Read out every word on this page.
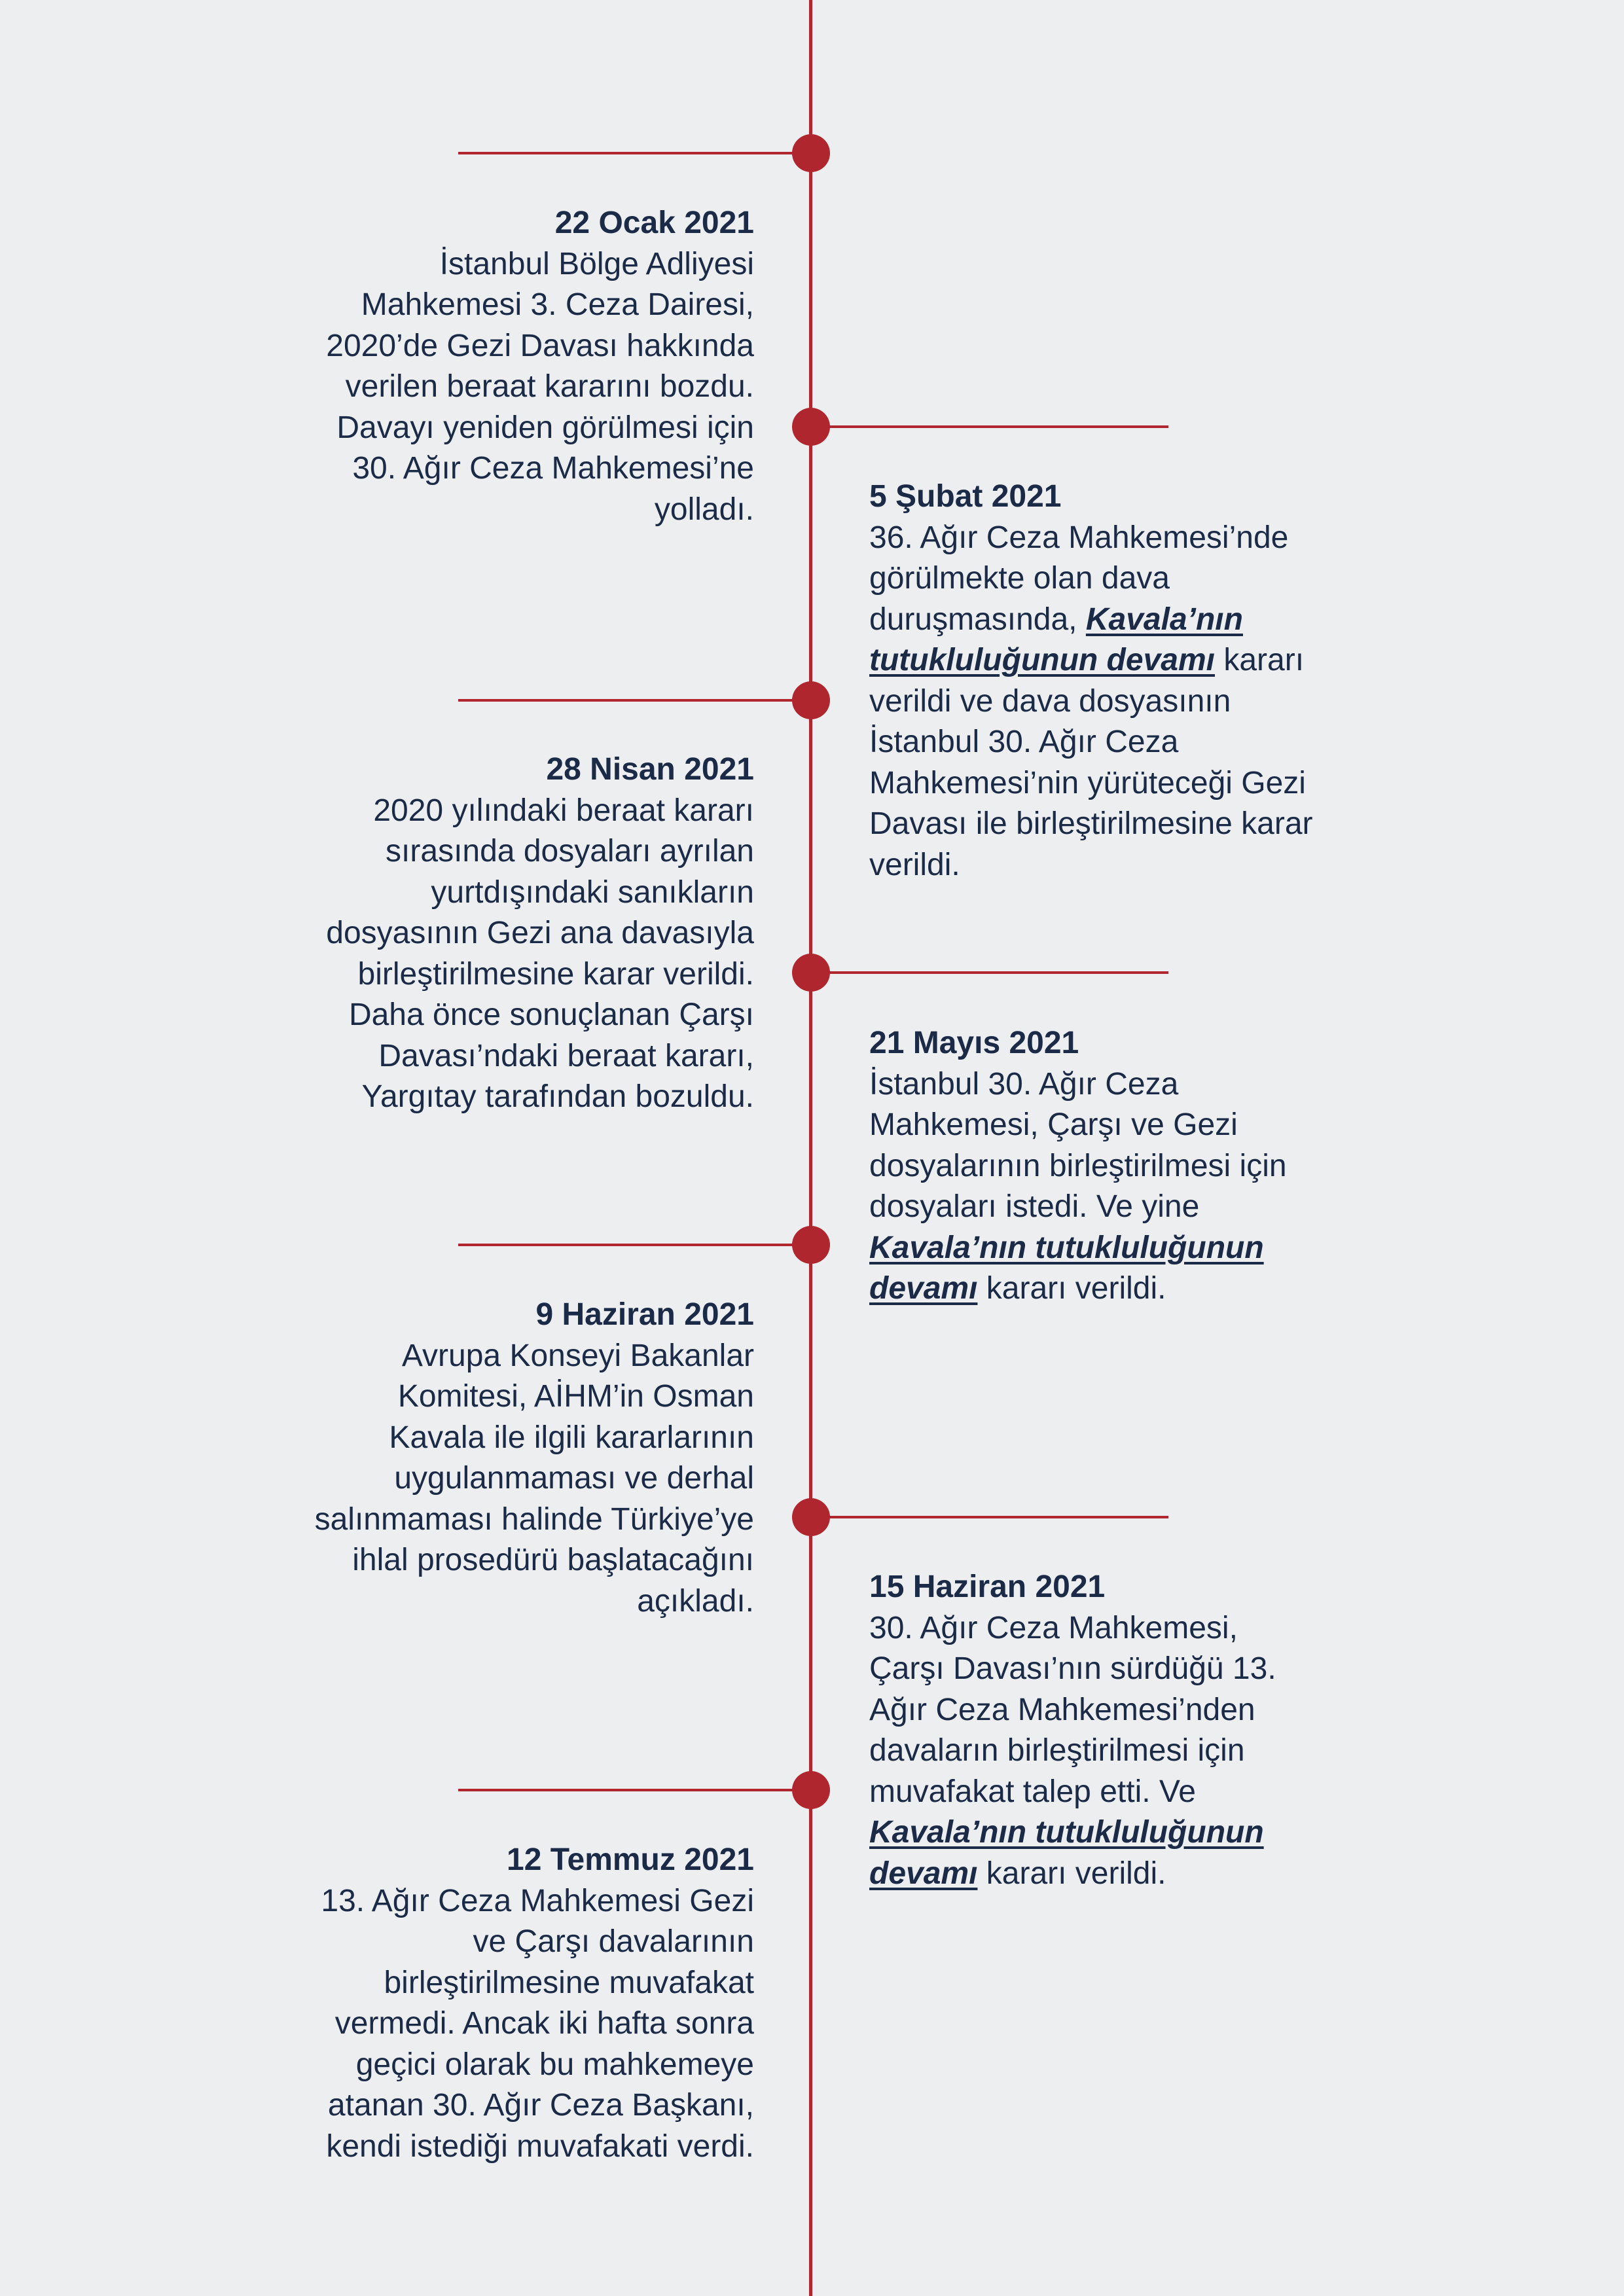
22 Ocak 2021
İstanbul Bölge Adliyesi Mahkemesi 3. Ceza Dairesi, 2020’de Gezi Davası hakkında verilen beraat kararını bozdu. Davayı yeniden görülmesi için 30. Ağır Ceza Mahkemesi’ne yolladı.	5 Şubat 2021
36. Ağır Ceza Mahkemesi’nde görülmekte olan dava duruşmasında, Kavala’nın tutukluluğunun devamı kararı verildi ve dava dosyasının İstanbul 30. Ağır Ceza Mahkemesi’nin yürüteceği Gezi Davası ile birleştirilmesine karar verildi.
28 Nisan 2021
2020 yılındaki beraat kararı sırasında dosyaları ayrılan yurtdışındaki sanıkların dosyasının Gezi ana davasıyla birleştirilmesine karar verildi. Daha önce sonuçlanan Çarşı Davası’ndaki beraat kararı, Yargıtay tarafından bozuldu.
21 Mayıs 2021
İstanbul 30. Ağır Ceza Mahkemesi, Çarşı ve Gezi dosyalarının birleştirilmesi için dosyaları istedi. Ve yine Kavala’nın tutukluluğunun devamı kararı verildi.
9 Haziran 2021
Avrupa Konseyi Bakanlar Komitesi, AİHM’in Osman Kavala ile ilgili kararlarının uygulanmaması ve derhal salınmaması halinde Türkiye’ye ihlal prosedürü başlatacağını açıkladı.	15 Haziran 2021
30. Ağır Ceza Mahkemesi, Çarşı Davası’nın sürdüğü 13. Ağır Ceza Mahkemesi’nden davaların birleştirilmesi için muvafakat talep etti. Ve Kavala’nın tutukluluğunun devamı kararı verildi.
12 Temmuz 2021
13. Ağır Ceza Mahkemesi Gezi ve Çarşı davalarının birleştirilmesine muvafakat vermedi. Ancak iki hafta sonra geçici olarak bu mahkemeye atanan 30. Ağır Ceza Başkanı, kendi istediği muvafakati verdi.
